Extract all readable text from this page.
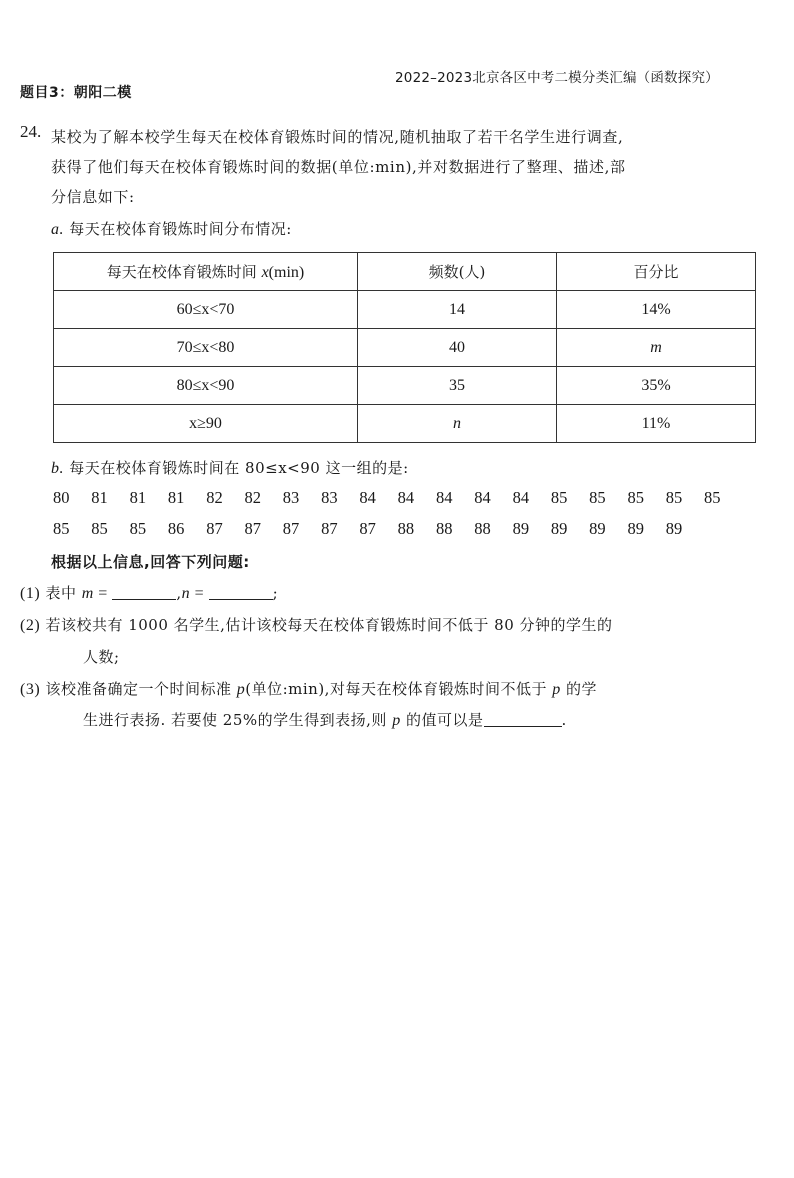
题目3：朝阳二模
2022–2023北京各区中考二模分类汇编（函数探究）
24. 某校为了解本校学生每天在校体育锻炼时间的情况,随机抽取了若干名学生进行调查,
获得了他们每天在校体育锻炼时间的数据(单位:min),并对数据进行了整理、描述,部
分信息如下:
a. 每天在校体育锻炼时间分布情况:
每天在校体育锻炼时间 x(min)	频数(人)	百分比
60≤x<70	14	14%
70≤x<80	40	m
80≤x<90	35	35%
x≥90	n	11%
b. 每天在校体育锻炼时间在 80≤x<90 这一组的是:
80 81 81 81 82 82 83 83 84 84 84 84 84 85 85 85 85 85
85 85 85 86 87 87 87 87 87 88 88 88 89 89 89 89 89
根据以上信息,回答下列问题:
(1) 表中 m =	,n =	;
(2) 若该校共有 1000 名学生,估计该校每天在校体育锻炼时间不低于 80 分钟的学生的
人数;
(3) 该校准备确定一个时间标准 p(单位:min),对每天在校体育锻炼时间不低于 p 的学
生进行表扬. 若要使 25%的学生得到表扬,则 p 的值可以是	.
